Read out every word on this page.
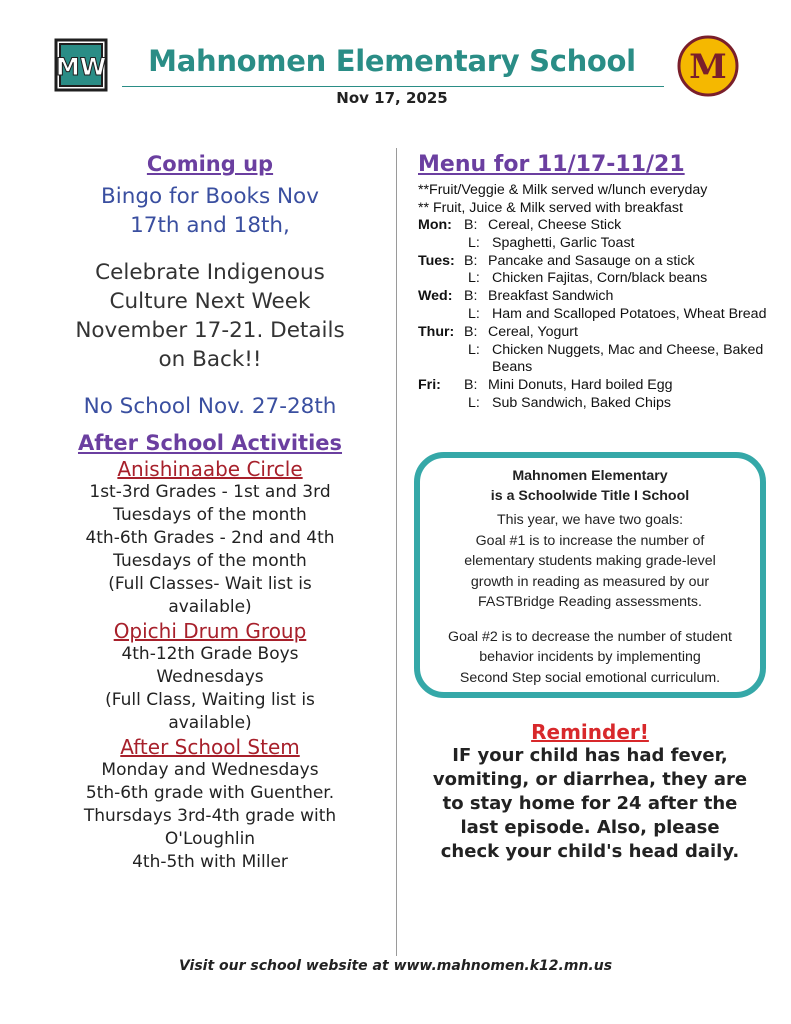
MW	Mahnomen Elementary School
Nov 17, 2025
M
Coming up
Bingo for Books Nov
17th and 18th,
Celebrate Indigenous
Culture Next Week
November 17-21. Details
on Back!!
No School Nov. 27-28th
After School Activities
Anishinaabe Circle
1st-3rd Grades - 1st and 3rd
Tuesdays of the month
4th-6th Grades - 2nd and 4th
Tuesdays of the month
(Full Classes- Wait list is
available)
Opichi Drum Group
4th-12th Grade Boys
Wednesdays
(Full Class, Waiting list is
available)
After School Stem
Monday and Wednesdays
5th-6th grade with Guenther.
Thursdays 3rd-4th grade with
O'Loughlin
4th-5th with Miller
Menu for 11/17-11/21
**Fruit/Veggie & Milk served w/lunch everyday
** Fruit, Juice & Milk served with breakfast
Mon: B: Cereal, Cheese Stick
L: Spaghetti, Garlic Toast
Tues: B: Pancake and Sasauge on a stick
L: Chicken Fajitas, Corn/black beans
Wed: B: Breakfast Sandwich
L: Ham and Scalloped Potatoes, Wheat Bread
Thur: B: Cereal, Yogurt
L: Chicken Nuggets, Mac and Cheese, Baked Beans
Fri:	B: Mini Donuts, Hard boiled Egg
L: Sub Sandwich, Baked Chips
Mahnomen Elementary
is a Schoolwide Title I School
This year, we have two goals:
Goal #1 is to increase the number of
elementary students making grade-level
growth in reading as measured by our
FASTBridge Reading assessments.
Goal #2 is to decrease the number of student
behavior incidents by implementing
Second Step social emotional curriculum.
Reminder!
IF your child has had fever,
vomiting, or diarrhea, they are
to stay home for 24 after the
last episode. Also, please
check your child's head daily.
Visit our school website at www.mahnomen.k12.mn.us
